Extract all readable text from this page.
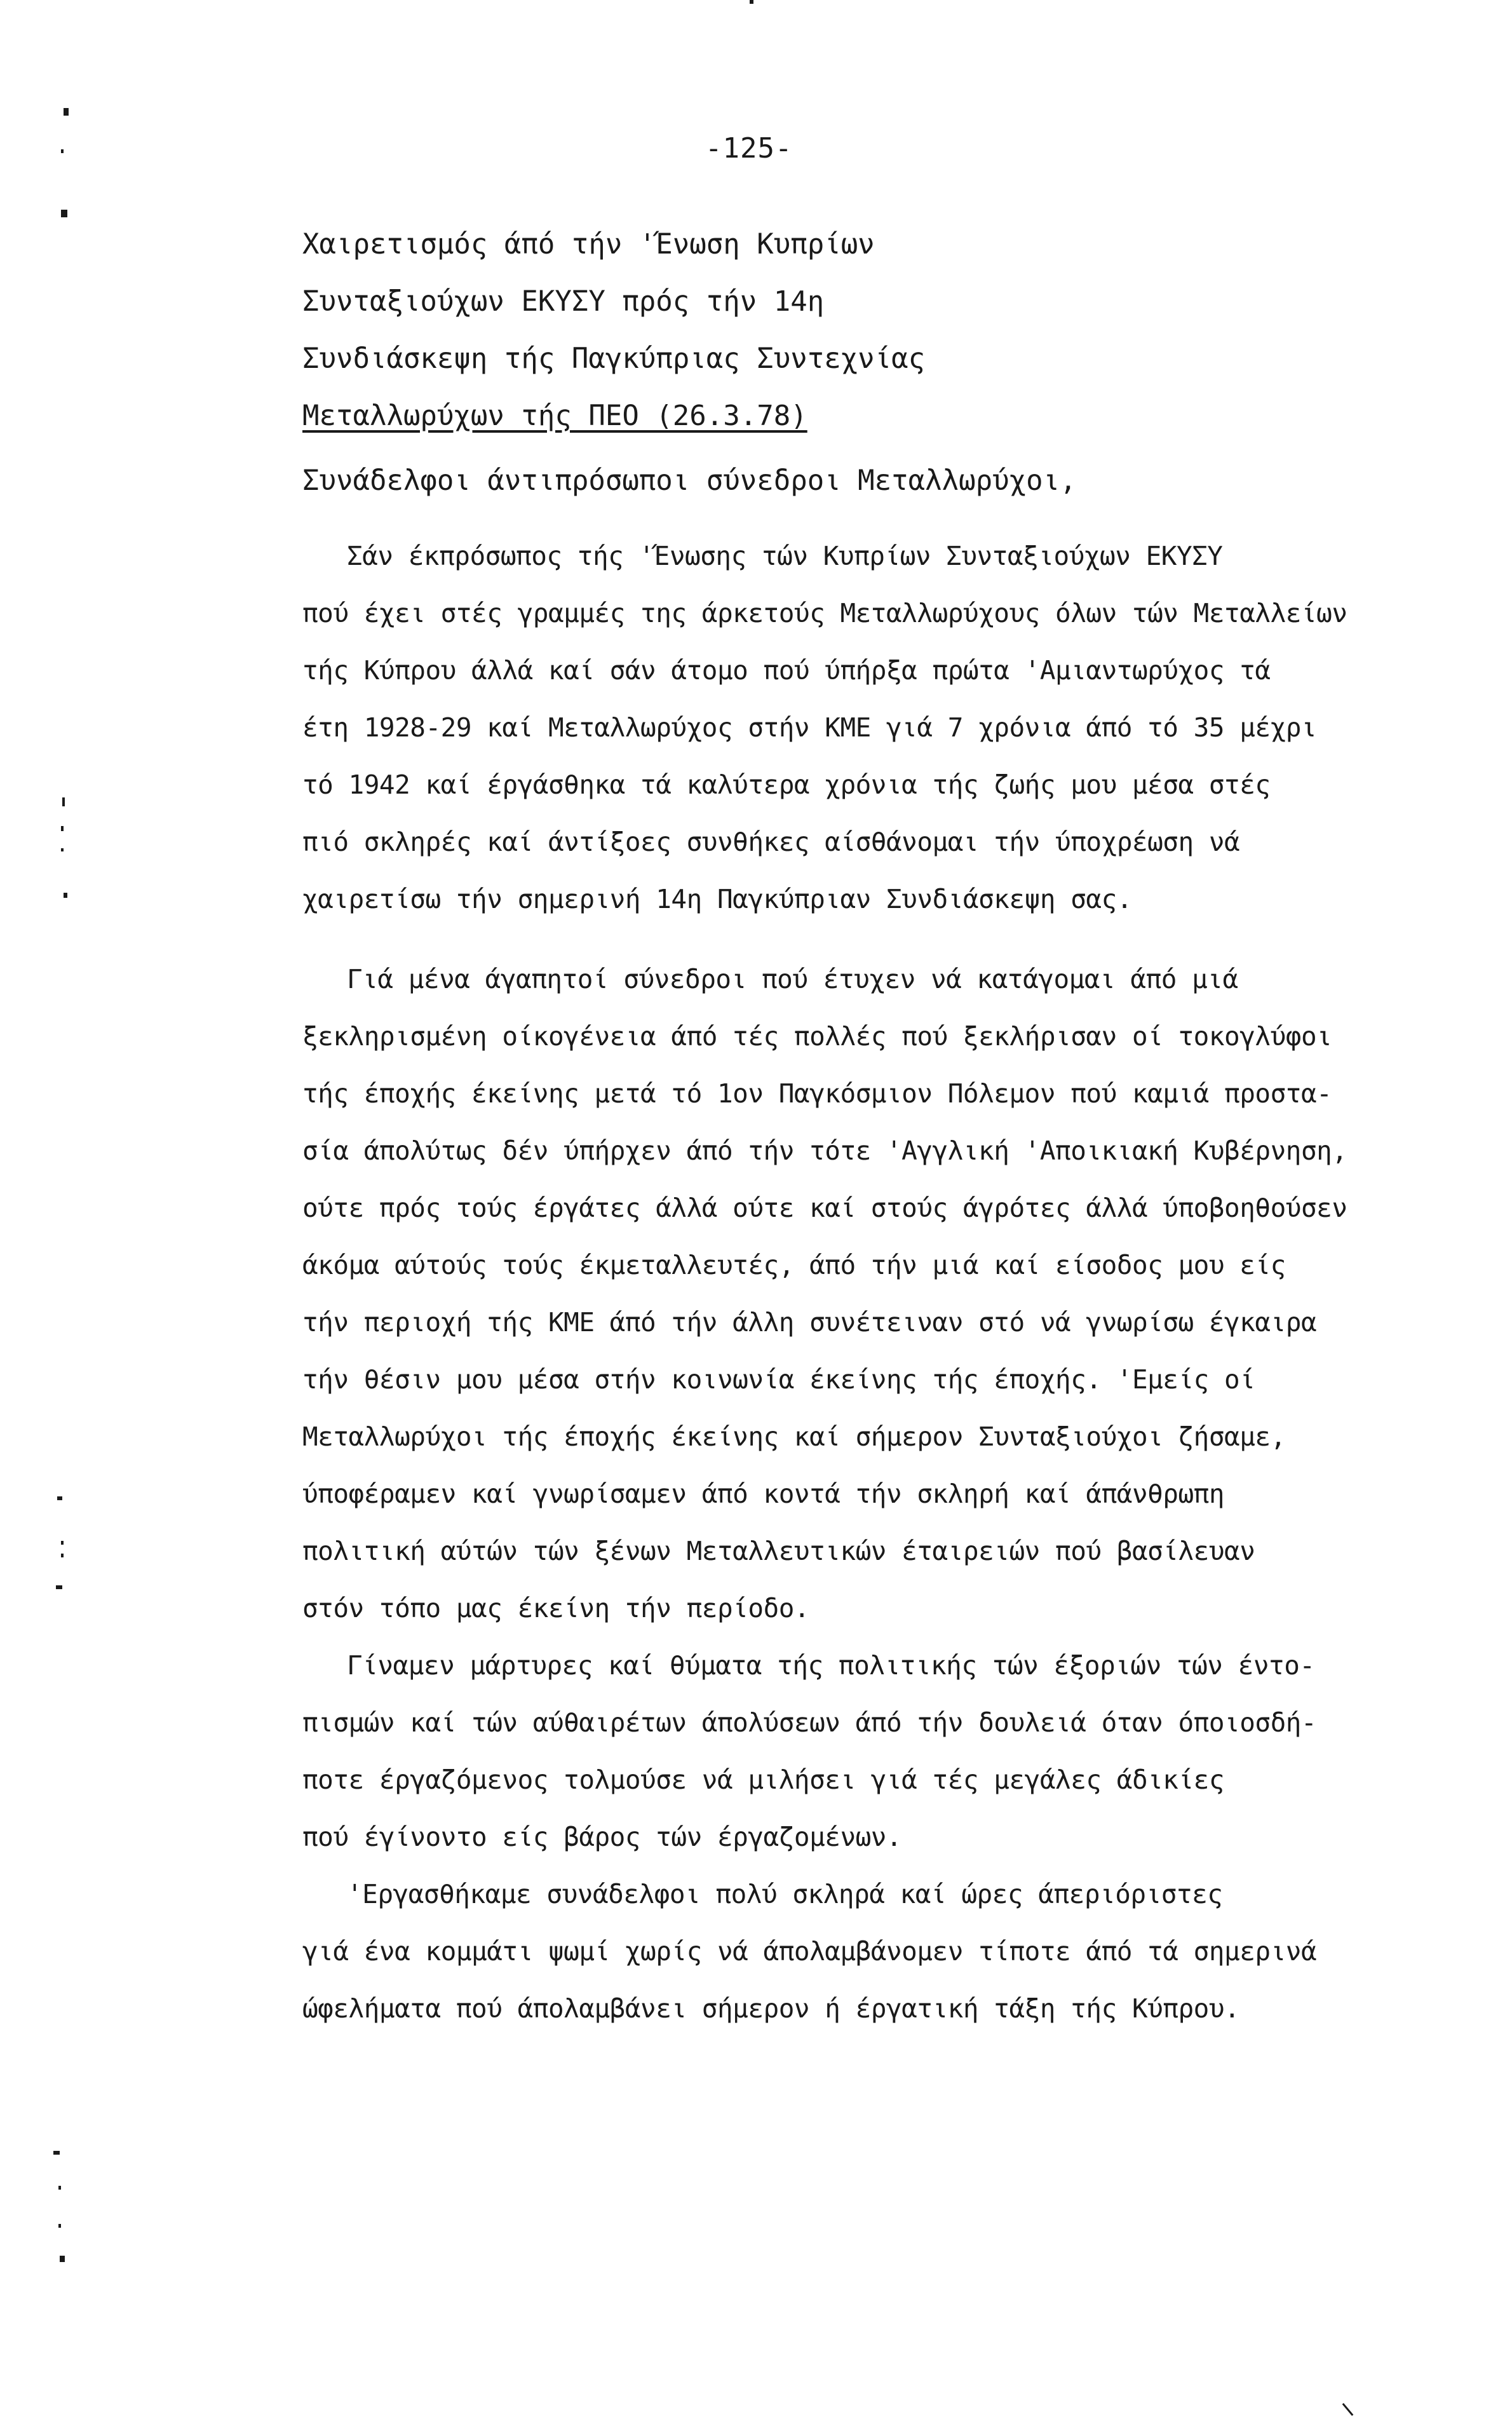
-125-
Χαιρετισμός άπό τήν 'Ένωση Κυπρίων
Συνταξιούχων ΕΚΥΣΥ πρός τήν 14η
Συνδιάσκεψη τής Παγκύπριας Συντεχνίας
Μεταλλωρύχων τής ΠΕΟ (26.3.78)
Συνάδελφοι άντιπρόσωποι σύνεδροι Μεταλλωρύχοι,
Σάν έκπρόσωπος τής 'Ένωσης τών Κυπρίων Συνταξιούχων ΕΚΥΣΥ
πού έχει στές γραμμές της άρκετούς Μεταλλωρύχους όλων τών Μεταλλείων
τής Κύπρου άλλά καί σάν άτομο πού ύπήρξα πρώτα 'Αμιαντωρύχος τά
έτη 1928-29 καί Μεταλλωρύχος στήν ΚΜΕ γιά 7 χρόνια άπό τό 35 μέχρι
τό 1942 καί έργάσθηκα τά καλύτερα χρόνια τής ζωής μου μέσα στές
πιό σκληρές καί άντίξοες συνθήκες αίσθάνομαι τήν ύποχρέωση νά
χαιρετίσω τήν σημερινή 14η Παγκύπριαν Συνδιάσκεψη σας.
Γιά μένα άγαπητοί σύνεδροι πού έτυχεν νά κατάγομαι άπό μιά
ξεκληρισμένη οίκογένεια άπό τές πολλές πού ξεκλήρισαν οί τοκογλύφοι
τής έποχής έκείνης μετά τό 1ον Παγκόσμιον Πόλεμον πού καμιά προστα-
σία άπολύτως δέν ύπήρχεν άπό τήν τότε 'Αγγλική 'Αποικιακή Κυβέρνηση,
ούτε πρός τούς έργάτες άλλά ούτε καί στούς άγρότες άλλά ύποβοηθούσεν
άκόμα αύτούς τούς έκμεταλλευτές, άπό τήν μιά καί είσοδος μου είς
τήν περιοχή τής ΚΜΕ άπό τήν άλλη συνέτειναν στό νά γνωρίσω έγκαιρα
τήν θέσιν μου μέσα στήν κοινωνία έκείνης τής έποχής. 'Εμείς οί
Μεταλλωρύχοι τής έποχής έκείνης καί σήμερον Συνταξιούχοι ζήσαμε,
ύποφέραμεν καί γνωρίσαμεν άπό κοντά τήν σκληρή καί άπάνθρωπη
πολιτική αύτών τών ξένων Μεταλλευτικών έταιρειών πού βασίλευαν
στόν τόπο μας έκείνη τήν περίοδο.
Γίναμεν μάρτυρες καί θύματα τής πολιτικής τών έξοριών τών έντο-
πισμών καί τών αύθαιρέτων άπολύσεων άπό τήν δουλειά όταν όποιοσδή-
ποτε έργαζόμενος τολμούσε νά μιλήσει γιά τές μεγάλες άδικίες
πού έγίνοντο είς βάρος τών έργαζομένων.
'Εργασθήκαμε συνάδελφοι πολύ σκληρά καί ώρες άπεριόριστες
γιά ένα κομμάτι ψωμί χωρίς νά άπολαμβάνομεν τίποτε άπό τά σημερινά
ώφελήματα πού άπολαμβάνει σήμερον ή έργατική τάξη τής Κύπρου.
